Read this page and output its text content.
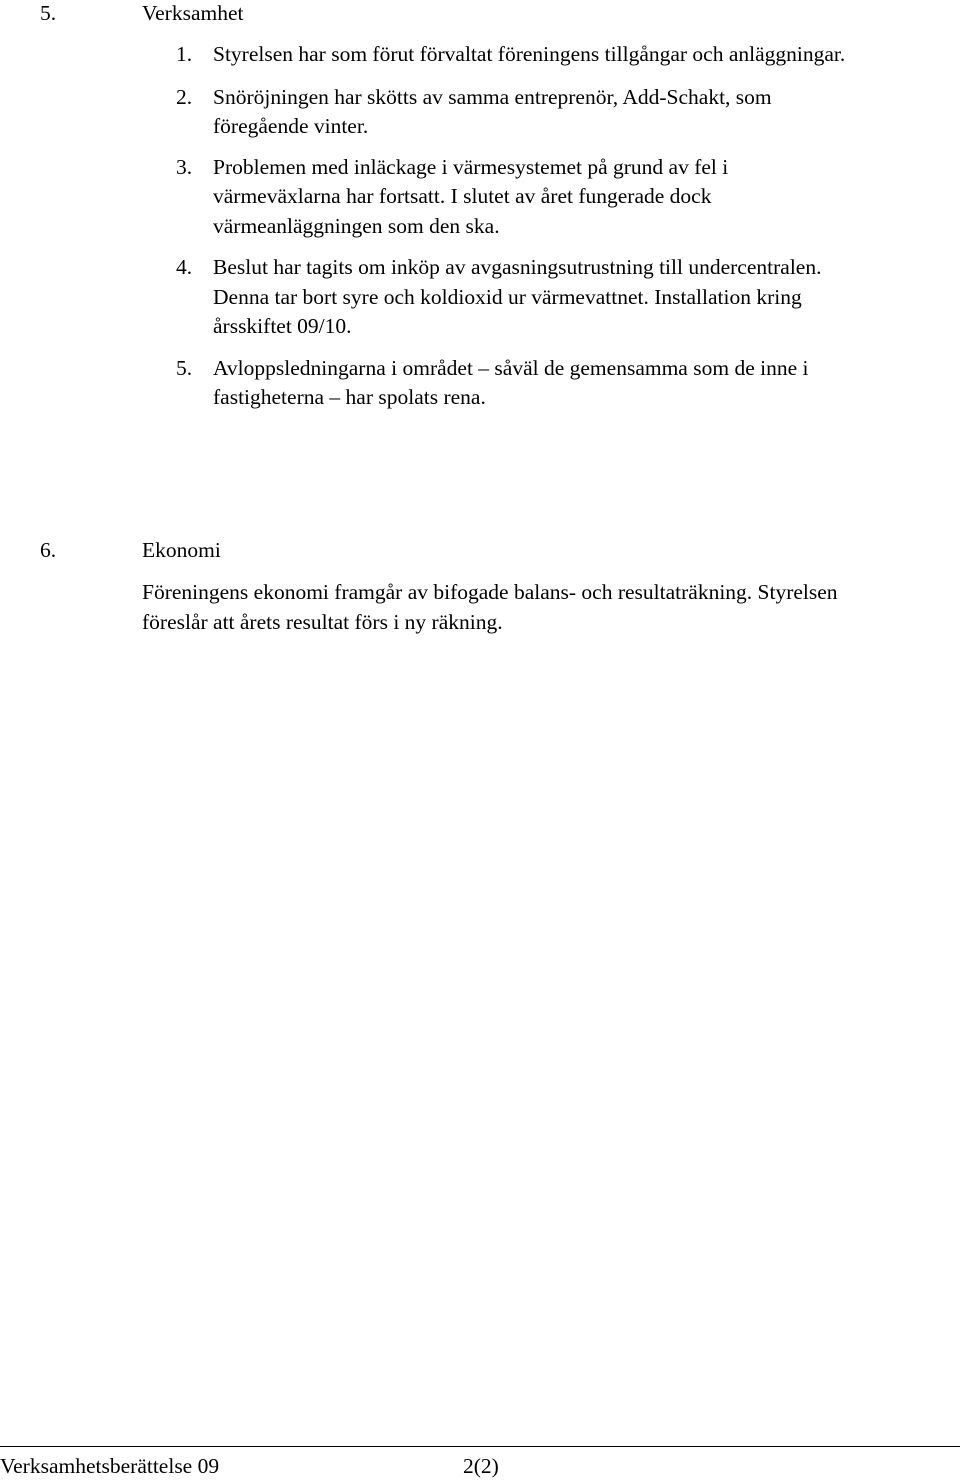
5.	Verksamhet
1. Styrelsen har som förut förvaltat föreningens tillgångar och anläggningar.
2. Snöröjningen har skötts av samma entreprenör, Add-Schakt, som
föregående vinter.
3. Problemen med inläckage i värmesystemet på grund av fel i
värmeväxlarna har fortsatt. I slutet av året fungerade dock
värmeanläggningen som den ska.
4. Beslut har tagits om inköp av avgasningsutrustning till undercentralen.
Denna tar bort syre och koldioxid ur värmevattnet. Installation kring
årsskiftet 09/10.
5. Avloppsledningarna i området – såväl de gemensamma som de inne i
fastigheterna – har spolats rena.
6.	Ekonomi
Föreningens ekonomi framgår av bifogade balans- och resultaträkning. Styrelsen
föreslår att årets resultat förs i ny räkning.
Verksamhetsberättelse 09	2(2)
